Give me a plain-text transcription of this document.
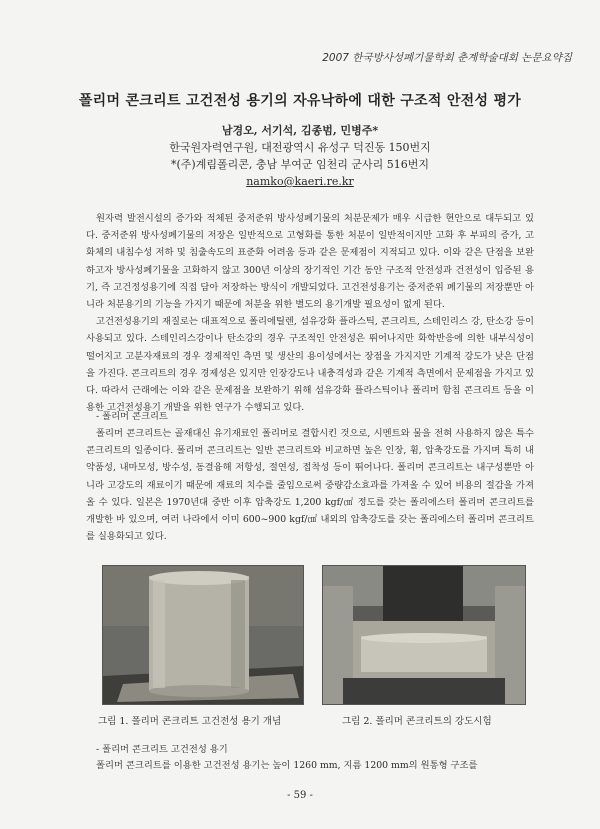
2007 한국방사성폐기물학회 춘계학술대회 논문요약집
폴리머 콘크리트 고건전성 용기의 자유낙하에 대한 구조적 안전성 평가
남경오, 서기석, 김종범, 민병주*
한국원자력연구원, 대전광역시 유성구 덕진동 150번지
*(주)계림폴리콘, 충남 부여군 임천리 군사리 516번지
namko@kaeri.re.kr

원자력 발전시설의 증가와 적체된 중저준위 방사성폐기물의 처분문제가 매우 시급한 현안으로 대두되고 있다. 중저준위 방사성폐기물의 저장은 일반적으로 고형화를 통한 처분이 일반적이지만 고화 후 부피의 증가, 고화체의 내침수성 저하 및 침출속도의 표준화 어려움 등과 같은 문제점이 지적되고 있다. 이와 같은 단점을 보완하고자 방사성폐기물을 고화하지 않고 300년 이상의 장기적인 기간 동안 구조적 안전성과 건전성이 입증된 용기, 즉 고건정성용기에 직접 담아 저장하는 방식이 개발되었다. 고건전성용기는 중저준위 폐기물의 저장뿐만 아니라 처분용기의 기능을 가지기 때문에 처분을 위한 별도의 용기개발 필요성이 없게 된다.

고건전성용기의 재질로는 대표적으로 폴리에틸렌, 섬유강화 플라스틱, 콘크리트, 스테인리스 강, 탄소강 등이 사용되고 있다. 스테인리스강이나 탄소강의 경우 구조적인 안전성은 뛰어나지만 화학반응에 의한 내부식성이 떨어지고 고분자재료의 경우 경제적인 측면 및 생산의 용이성에서는 장점을 가지지만 기계적 강도가 낮은 단점을 가진다. 콘크리트의 경우 경제성은 있지만 인장강도나 내충격성과 같은 기계적 측면에서 문제점을 가지고 있다. 따라서 근래에는 이와 같은 문제점을 보완하기 위해 섬유강화 플라스틱이나 폴리머 함침 콘크리트 등을 이용한 고건전성용기 개발을 위한 연구가 수행되고 있다.

- 폴리머 콘크리트

폴리머 콘크리트는 골재대신 유기재료인 폴리머로 결합시킨 것으로, 시멘트와 물을 전혀 사용하지 않은 특수 콘크리트의 일종이다. 폴리머 콘크리트는 일반 콘크리트와 비교하면 높은 인장, 휨, 압축강도를 가지며 특히 내약품성, 내마모성, 방수성, 동결융해 저항성, 절연성, 접착성 등이 뛰어나다. 폴리머 콘크리트는 내구성뿐만 아니라 고강도의 재료이기 때문에 재료의 치수를 줄임으로써 중량감소효과를 가져올 수 있어 비용의 절감을 가져올 수 있다. 일본은 1970년대 중반 이후 압축강도 1,200 kgf/㎠ 정도를 갖는 폴리에스터 폴리머 콘크리트를 개발한 바 있으며, 여러 나라에서 이미 600~900 kgf/㎠ 내외의 압축강도를 갖는 폴리에스터 폴리머 콘크리트를 실용화되고 있다.

그림 1. 폴리머 콘크리트 고건전성 용기 개념	그림 2. 폴리머 콘크리트의 강도시험
- 폴리머 콘크리트 고건전성 용기

폴리머 콘크리트를 이용한 고건전성 용기는 높이 1260 mm, 지름 1200 mm의 원통형 구조를

- 59 -
